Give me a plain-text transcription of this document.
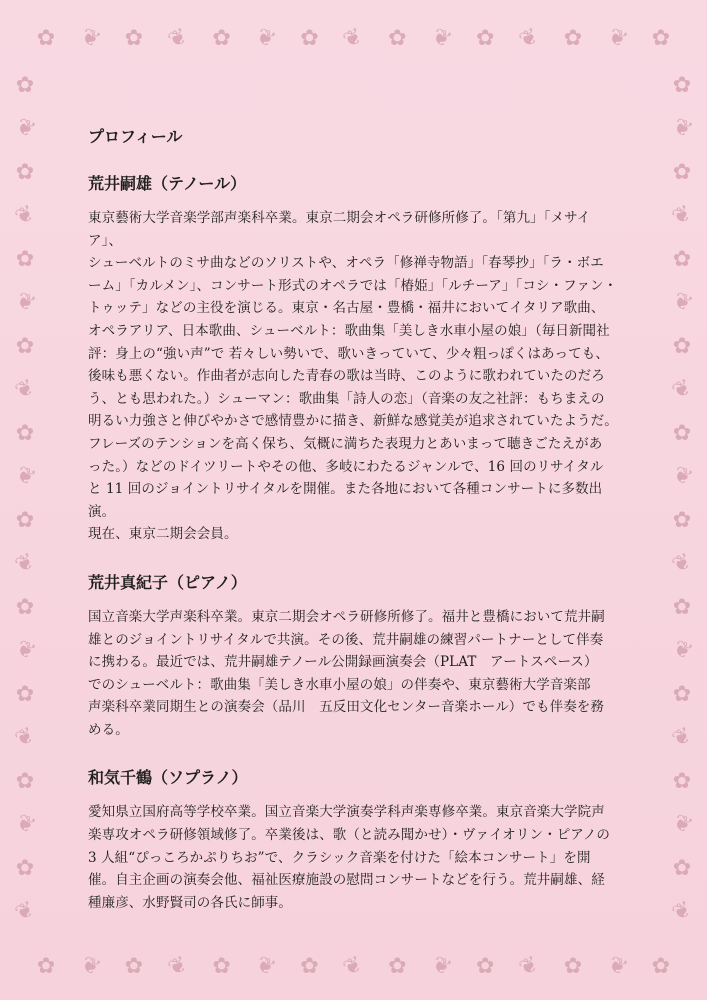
✿ ❦ ✿ ❦ ✿ ❦ ✿ ❦ ✿ ❦ ✿ ❦ ✿ ❦ ✿
✿ ❦ ✿ ❦ ✿ ❦ ✿ ❦ ✿ ❦ ✿ ❦ ✿ ❦ ✿
✿
❦
✿
❦
✿
❦
✿
❦
✿
❦
✿
❦
✿
❦
✿
❦
✿
❦
✿
❦
✿
❦
✿
❦
✿
❦
✿
❦
✿
❦
✿
❦
✿
❦
✿
❦
✿
❦
✿
❦
プロフィール
荒井嗣雄（テノール）

東京藝術大学音楽学部声楽科卒業。東京二期会オペラ研修所修了。「第九」「メサイア」、
シューベルトのミサ曲などのソリストや、オペラ「修禅寺物語」「春琴抄」「ラ・ボエ
ーム」「カルメン」、コンサート形式のオペラでは「椿姫」「ルチーア」「コシ・ファン・
トゥッテ」などの主役を演じる。東京・名古屋・豊橋・福井においてイタリア歌曲、
オペラアリア、日本歌曲、シューベルト：歌曲集「美しき水車小屋の娘」（毎日新聞社
評：身上の“強い声”で 若々しい勢いで、歌いきっていて、少々粗っぽくはあっても、
後味も悪くない。作曲者が志向した青春の歌は当時、このように歌われていたのだろ
う、とも思われた。）シューマン：歌曲集「詩人の恋」（音楽の友之社評：もちまえの
明るい力強さと伸びやかさで感情豊かに描き、新鮮な感覚美が追求されていたようだ。
フレーズのテンションを高く保ち、気概に満ちた表現力とあいまって聴きごたえがあ
った。）などのドイツリートやその他、多岐にわたるジャンルで、16 回のリサイタル
と 11 回のジョイントリサイタルを開催。また各地において各種コンサートに多数出演。
現在、東京二期会会員。

荒井真紀子（ピアノ）

国立音楽大学声楽科卒業。東京二期会オペラ研修所修了。福井と豊橋において荒井嗣
雄とのジョイントリサイタルで共演。その後、荒井嗣雄の練習パートナーとして伴奏
に携わる。最近では、荒井嗣雄テノール公開録画演奏会（PLAT　アートスペース）
でのシューベルト：歌曲集「美しき水車小屋の娘」の伴奏や、東京藝術大学音楽部
声楽科卒業同期生との演奏会（品川　五反田文化センター音楽ホール）でも伴奏を務
める。

和気千鶴（ソプラノ）

愛知県立国府高等学校卒業。国立音楽大学演奏学科声楽専修卒業。東京音楽大学院声
楽専攻オペラ研修領域修了。卒業後は、歌（と読み聞かせ）・ヴァイオリン・ピアノの
3 人組“ぴっころかぷりちお”で、クラシック音楽を付けた「絵本コンサート」を開
催。自主企画の演奏会他、福祉医療施設の慰問コンサートなどを行う。荒井嗣雄、経
種廉彦、水野賢司の各氏に師事。
